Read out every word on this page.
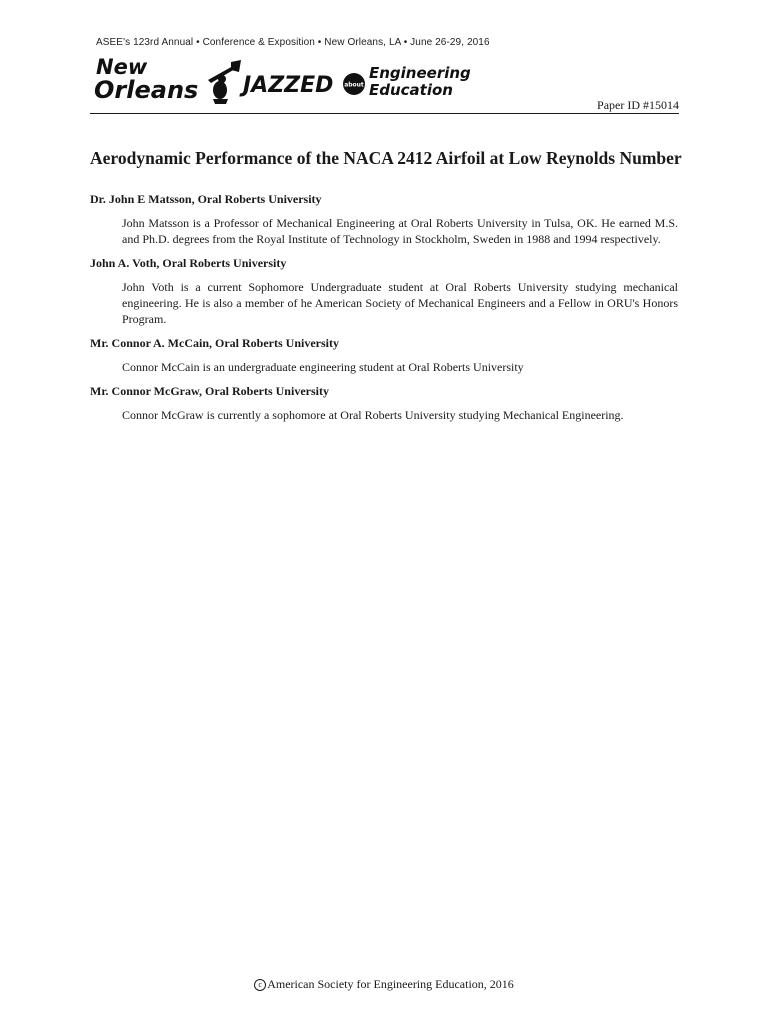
ASEE's 123rd Annual • Conference & Exposition • New Orleans, LA • June 26-29, 2016
New
Orleans JAZZED about
Engineering
Education
Paper ID #15014
Aerodynamic Performance of the NACA 2412 Airfoil at Low Reynolds Number

Dr. John E Matsson, Oral Roberts University

John Matsson is a Professor of Mechanical Engineering at Oral Roberts University in Tulsa, OK. He earned M.S. and Ph.D. degrees from the Royal Institute of Technology in Stockholm, Sweden in 1988 and 1994 respectively.

John A. Voth, Oral Roberts University

John Voth is a current Sophomore Undergraduate student at Oral Roberts University studying mechanical engineering. He is also a member of he American Society of Mechanical Engineers and a Fellow in ORU's Honors Program.

Mr. Connor A. McCain, Oral Roberts University

Connor McCain is an undergraduate engineering student at Oral Roberts University

Mr. Connor McGraw, Oral Roberts University

Connor McGraw is currently a sophomore at Oral Roberts University studying Mechanical Engineering.

c American Society for Engineering Education, 2016
